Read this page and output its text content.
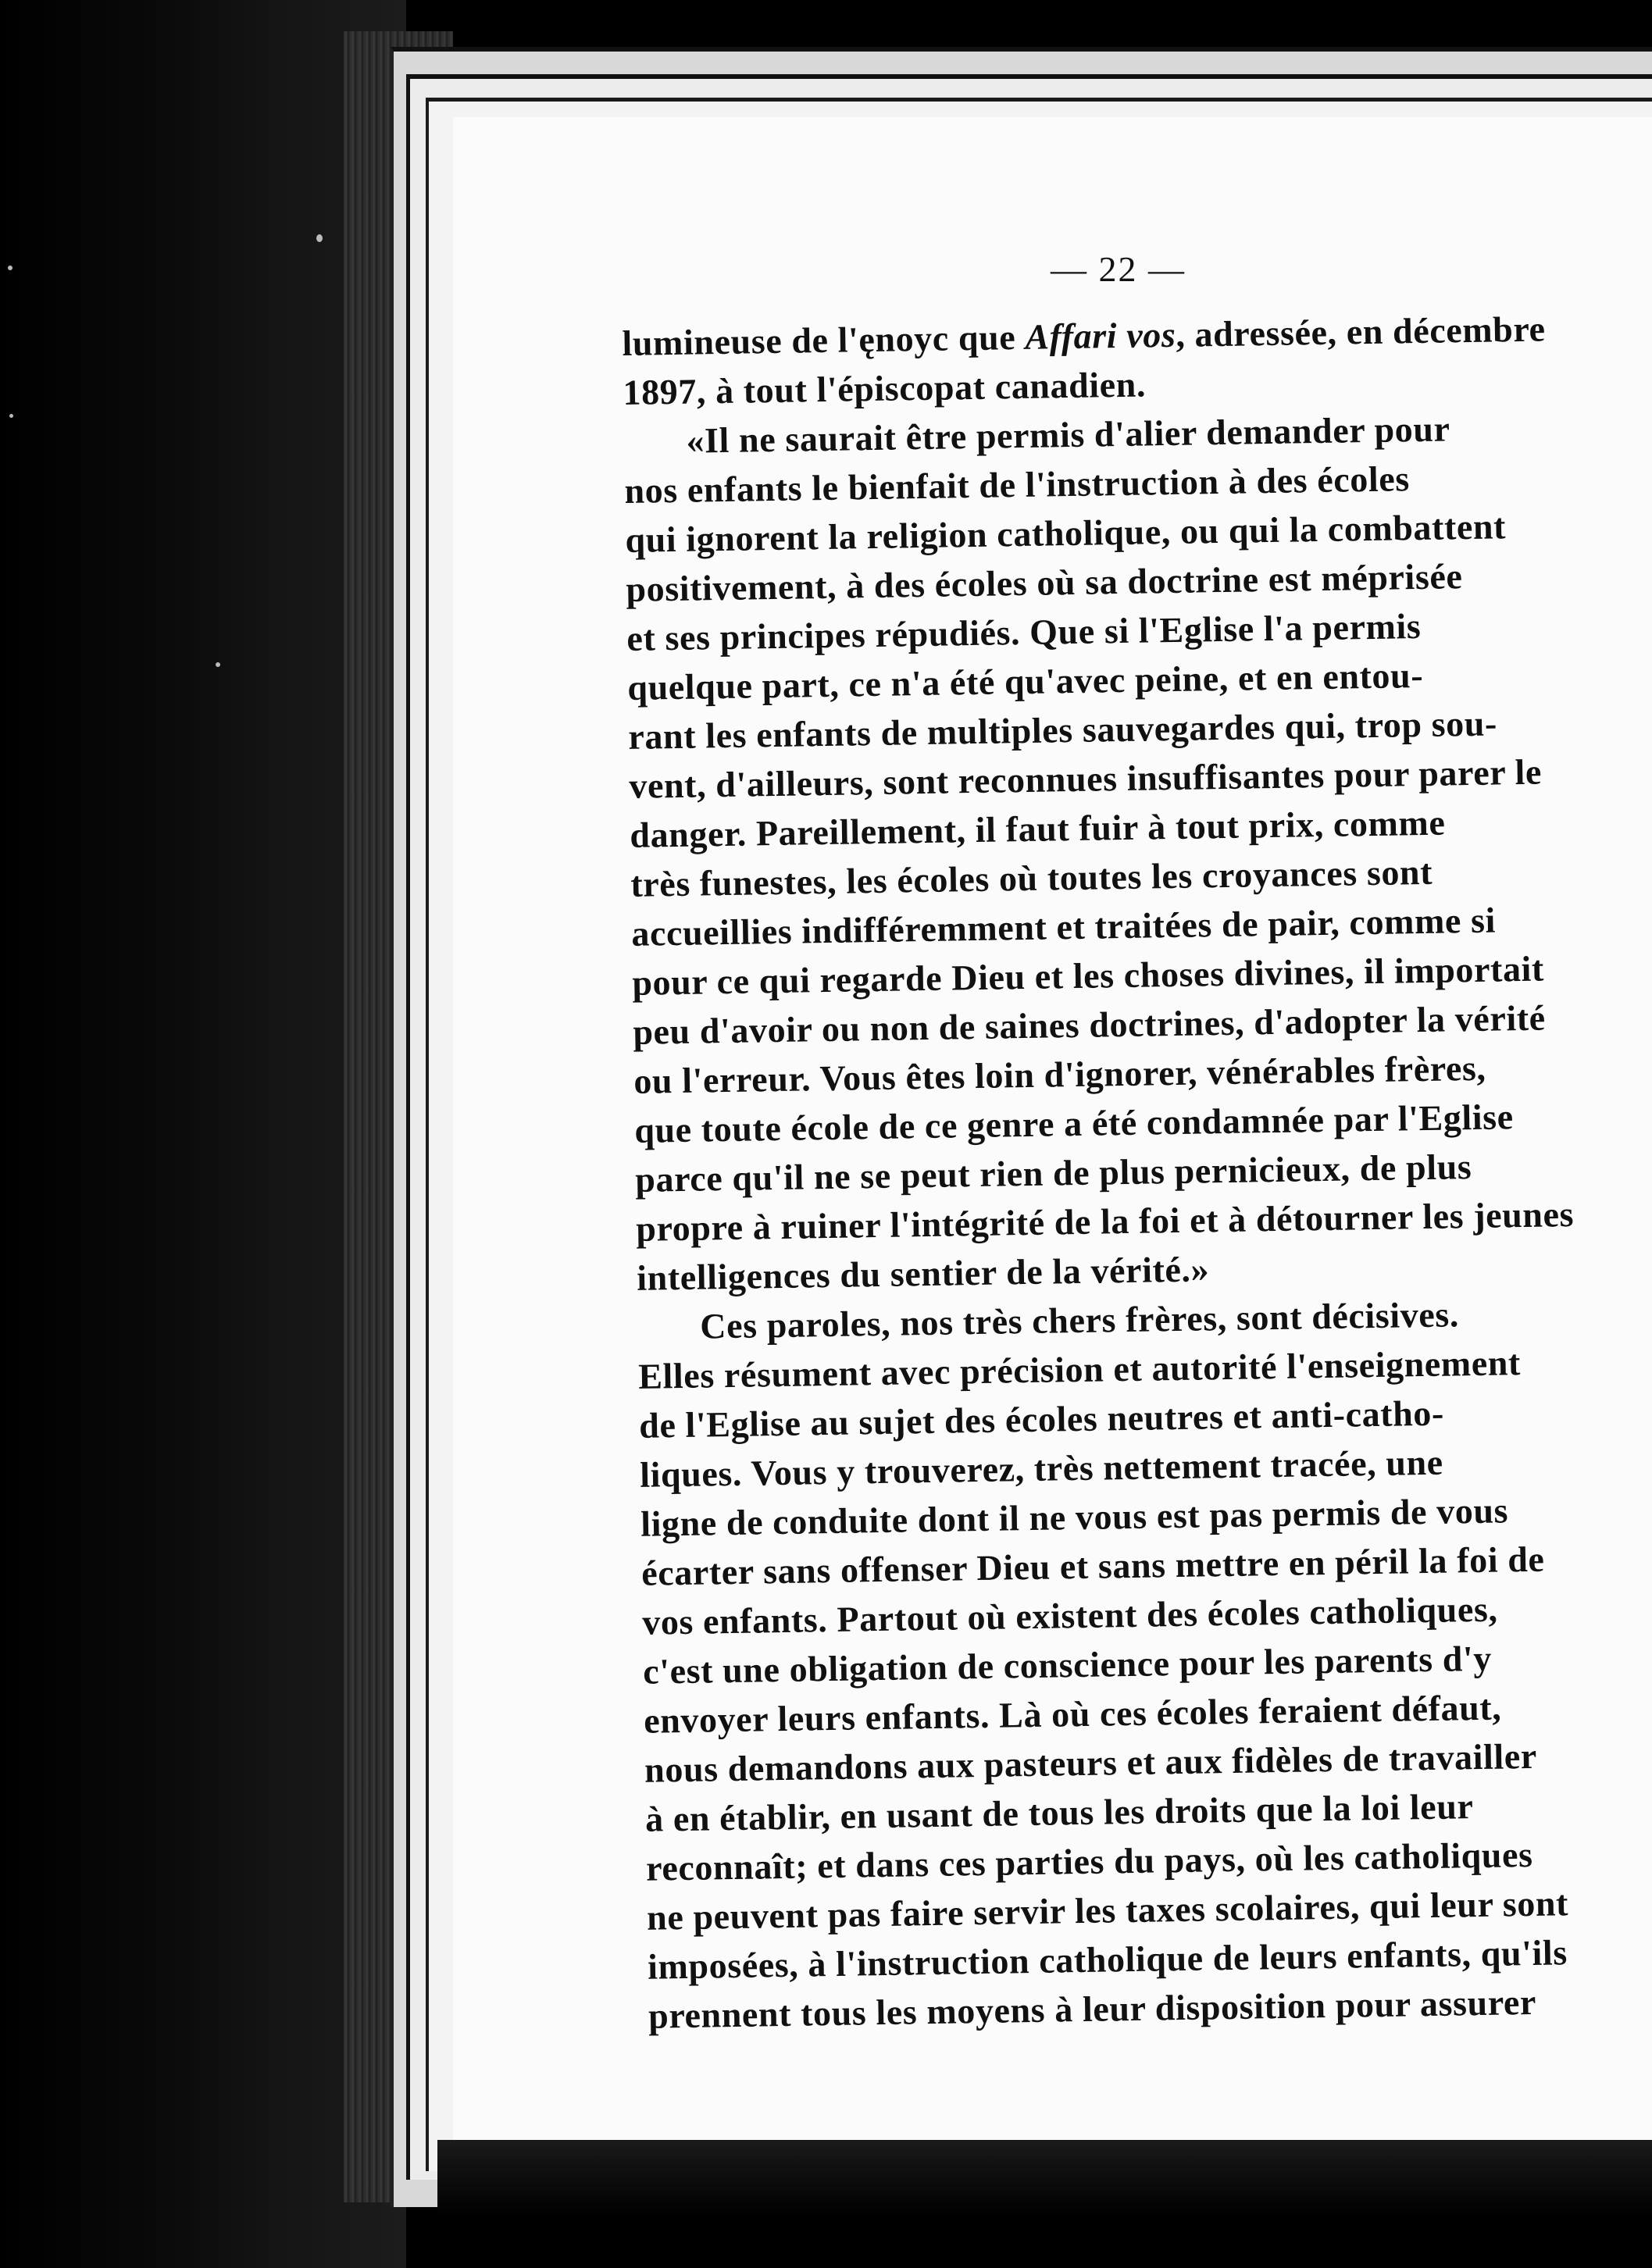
— 22 —
lumineuse de l'ęnoyc que Affari vos, adressée, en décembre
1897, à tout l'épiscopat canadien.
«Il ne saurait être permis d'alier demander pour
nos enfants le bienfait de l'instruction à des écoles
qui ignorent la religion catholique, ou qui la combattent
positivement, à des écoles où sa doctrine est méprisée
et ses principes répudiés. Que si l'Eglise l'a permis
quelque part, ce n'a été qu'avec peine, et en entou-
rant les enfants de multiples sauvegardes qui, trop sou-
vent, d'ailleurs, sont reconnues insuffisantes pour parer le
danger. Pareillement, il faut fuir à tout prix, comme
très funestes, les écoles où toutes les croyances sont
accueillies indifféremment et traitées de pair, comme si
pour ce qui regarde Dieu et les choses divines, il importait
peu d'avoir ou non de saines doctrines, d'adopter la vérité
ou l'erreur. Vous êtes loin d'ignorer, vénérables frères,
que toute école de ce genre a été condamnée par l'Eglise
parce qu'il ne se peut rien de plus pernicieux, de plus
propre à ruiner l'intégrité de la foi et à détourner les jeunes
intelligences du sentier de la vérité.»
Ces paroles, nos très chers frères, sont décisives.
Elles résument avec précision et autorité l'enseignement
de l'Eglise au sujet des écoles neutres et anti-catho-
liques. Vous y trouverez, très nettement tracée, une
ligne de conduite dont il ne vous est pas permis de vous
écarter sans offenser Dieu et sans mettre en péril la foi de
vos enfants. Partout où existent des écoles catholiques,
c'est une obligation de conscience pour les parents d'y
envoyer leurs enfants. Là où ces écoles feraient défaut,
nous demandons aux pasteurs et aux fidèles de travailler
à en établir, en usant de tous les droits que la loi leur
reconnaît; et dans ces parties du pays, où les catholiques
ne peuvent pas faire servir les taxes scolaires, qui leur sont
imposées, à l'instruction catholique de leurs enfants, qu'ils
prennent tous les moyens à leur disposition pour assurer
